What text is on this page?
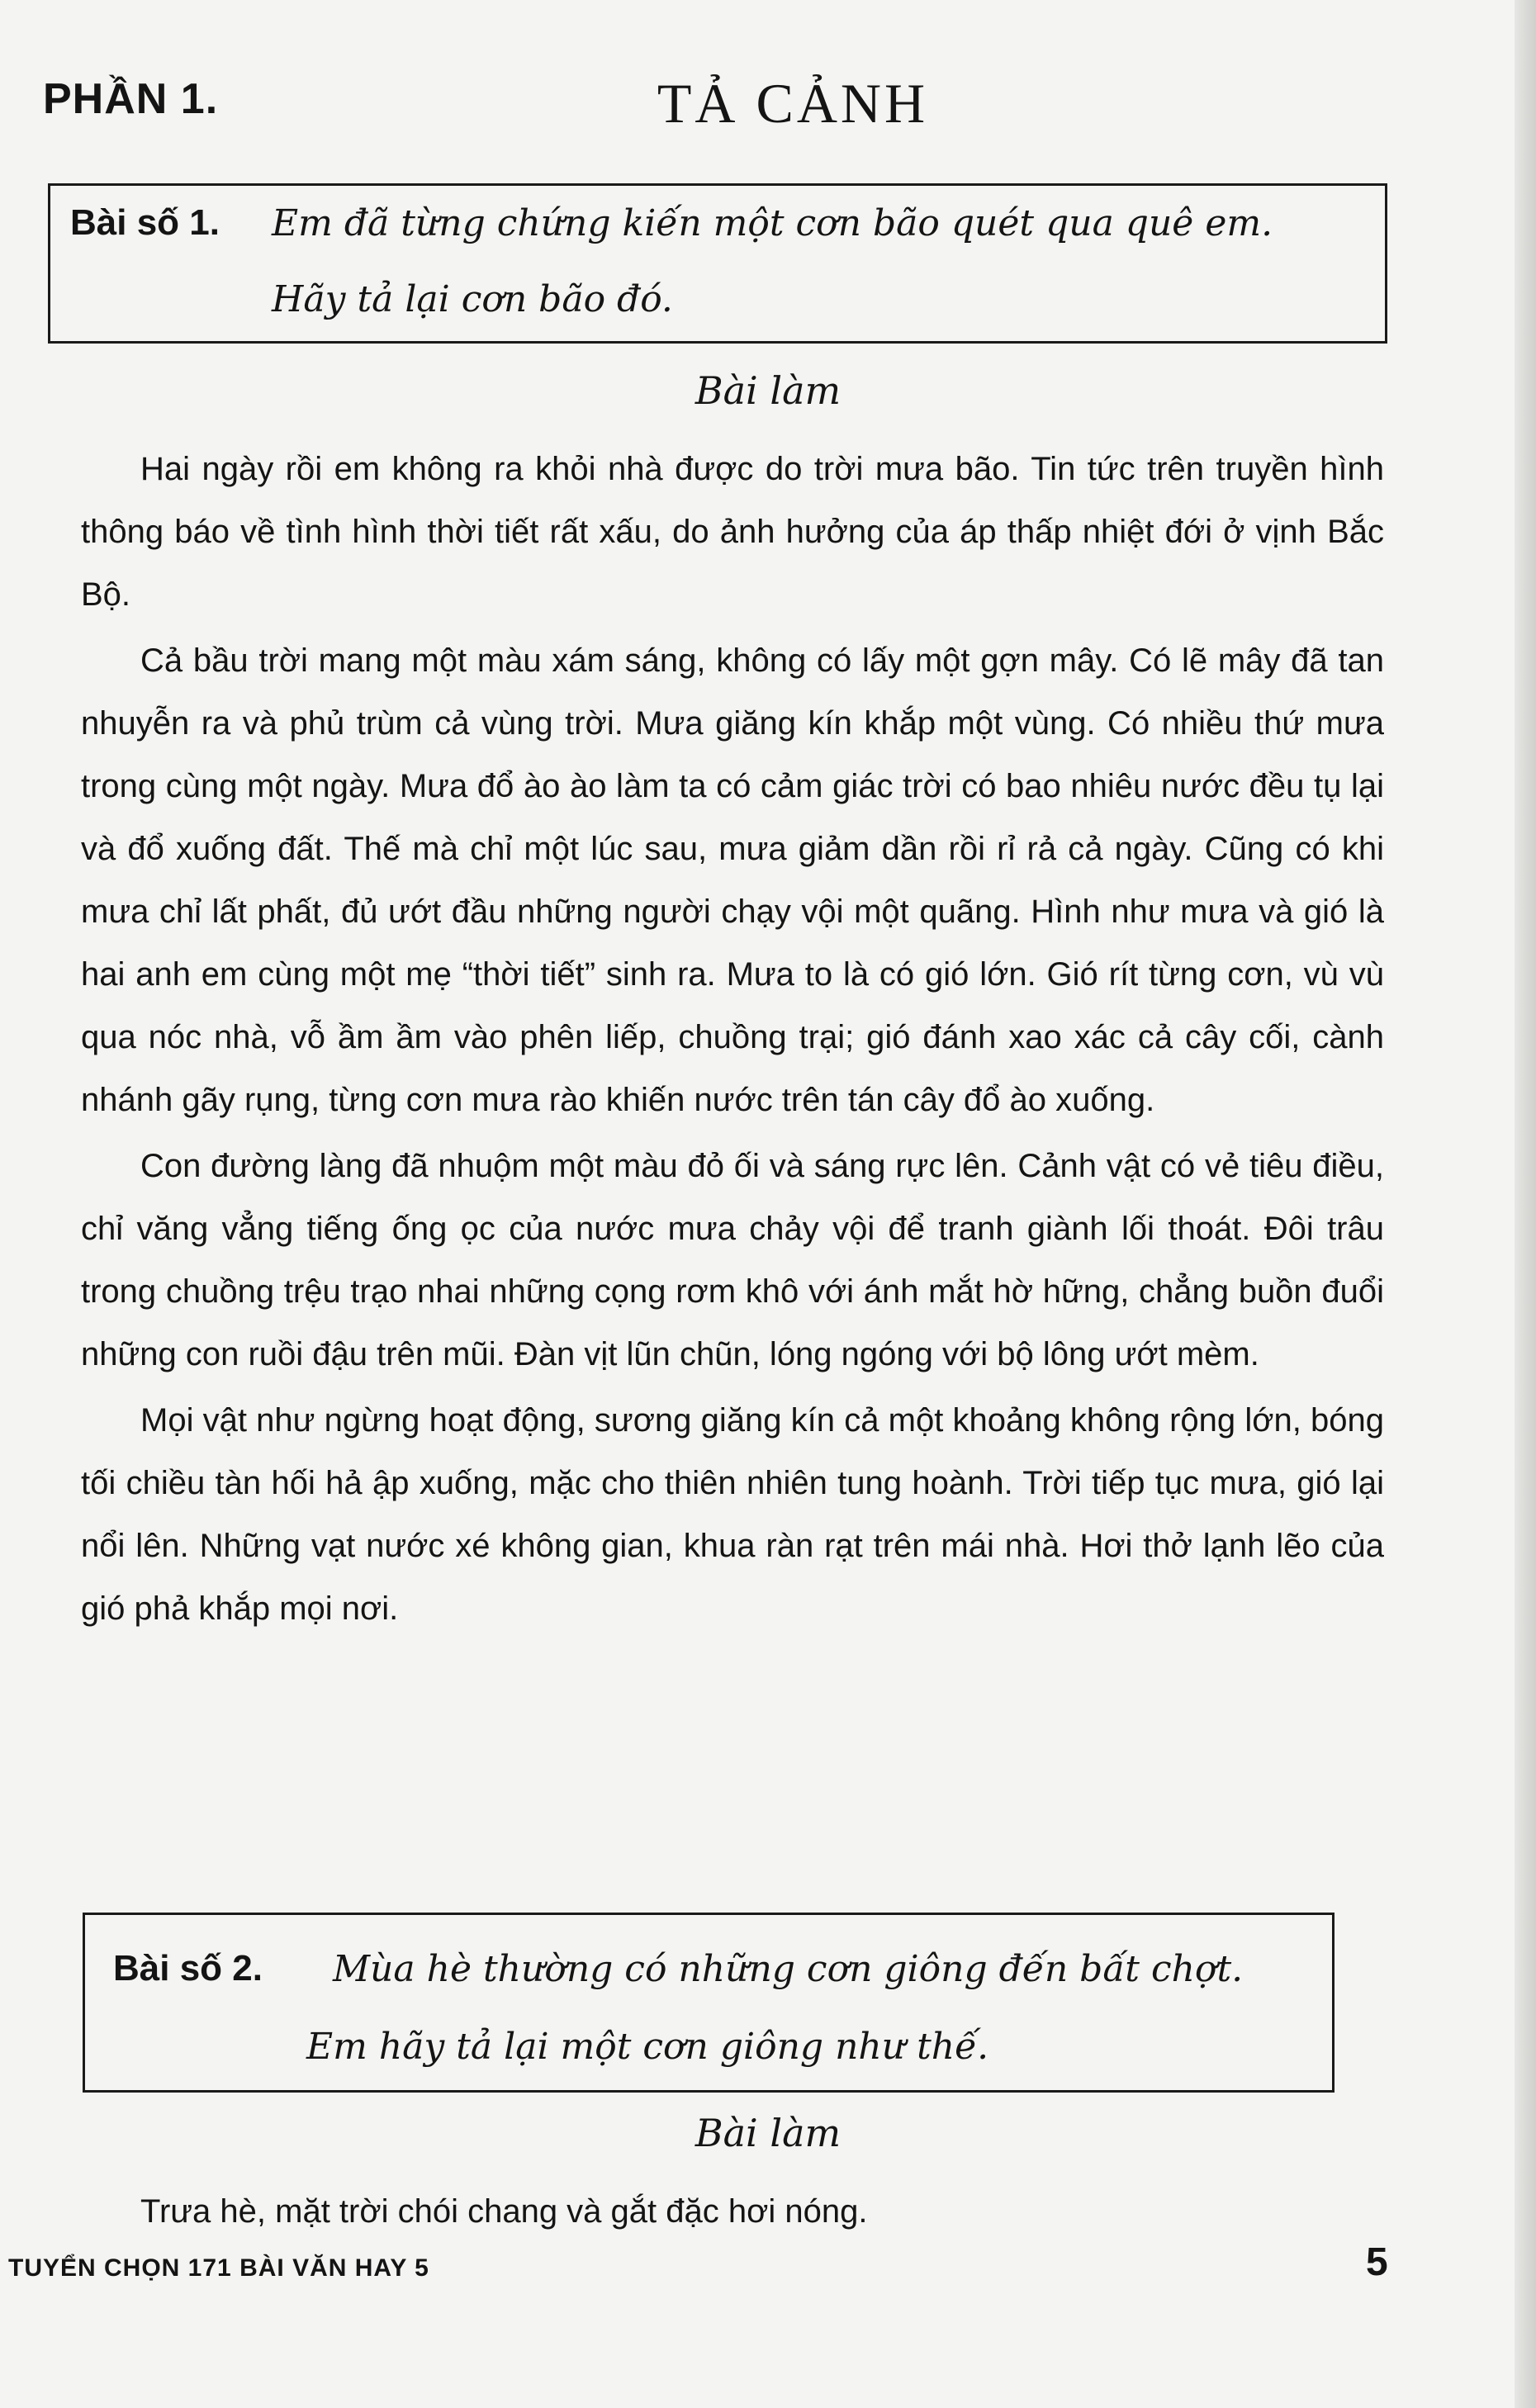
PHẦN 1.	TẢ CẢNH
Bài số 1. Em đã từng chứng kiến một cơn bão quét qua quê em.
Hãy tả lại cơn bão đó.
Bài làm

Hai ngày rồi em không ra khỏi nhà được do trời mưa bão. Tin tức trên truyền hình thông báo về tình hình thời tiết rất xấu, do ảnh hưởng của áp thấp nhiệt đới ở vịnh Bắc Bộ.

Cả bầu trời mang một màu xám sáng, không có lấy một gợn mây. Có lẽ mây đã tan nhuyễn ra và phủ trùm cả vùng trời. Mưa giăng kín khắp một vùng. Có nhiều thứ mưa trong cùng một ngày. Mưa đổ ào ào làm ta có cảm giác trời có bao nhiêu nước đều tụ lại và đổ xuống đất. Thế mà chỉ một lúc sau, mưa giảm dần rồi rỉ rả cả ngày. Cũng có khi mưa chỉ lất phất, đủ ướt đầu những người chạy vội một quãng. Hình như mưa và gió là hai anh em cùng một mẹ “thời tiết” sinh ra. Mưa to là có gió lớn. Gió rít từng cơn, vù vù qua nóc nhà, vỗ ầm ầm vào phên liếp, chuồng trại; gió đánh xao xác cả cây cối, cành nhánh gãy rụng, từng cơn mưa rào khiến nước trên tán cây đổ ào xuống.

Con đường làng đã nhuộm một màu đỏ ối và sáng rực lên. Cảnh vật có vẻ tiêu điều, chỉ văng vẳng tiếng ống ọc của nước mưa chảy vội để tranh giành lối thoát. Đôi trâu trong chuồng trệu trạo nhai những cọng rơm khô với ánh mắt hờ hững, chẳng buồn đuổi những con ruồi đậu trên mũi. Đàn vịt lũn chũn, lóng ngóng với bộ lông ướt mèm.

Mọi vật như ngừng hoạt động, sương giăng kín cả một khoảng không rộng lớn, bóng tối chiều tàn hối hả ập xuống, mặc cho thiên nhiên tung hoành. Trời tiếp tục mưa, gió lại nổi lên. Những vạt nước xé không gian, khua ràn rạt trên mái nhà. Hơi thở lạnh lẽo của gió phả khắp mọi nơi.

Bài số 2. Mùa hè thường có những cơn giông đến bất chợt.
Em hãy tả lại một cơn giông như thế.
Bài làm

Trưa hè, mặt trời chói chang và gắt đặc hơi nóng.

TUYỂN CHỌN 171 BÀI VĂN HAY 5	5
